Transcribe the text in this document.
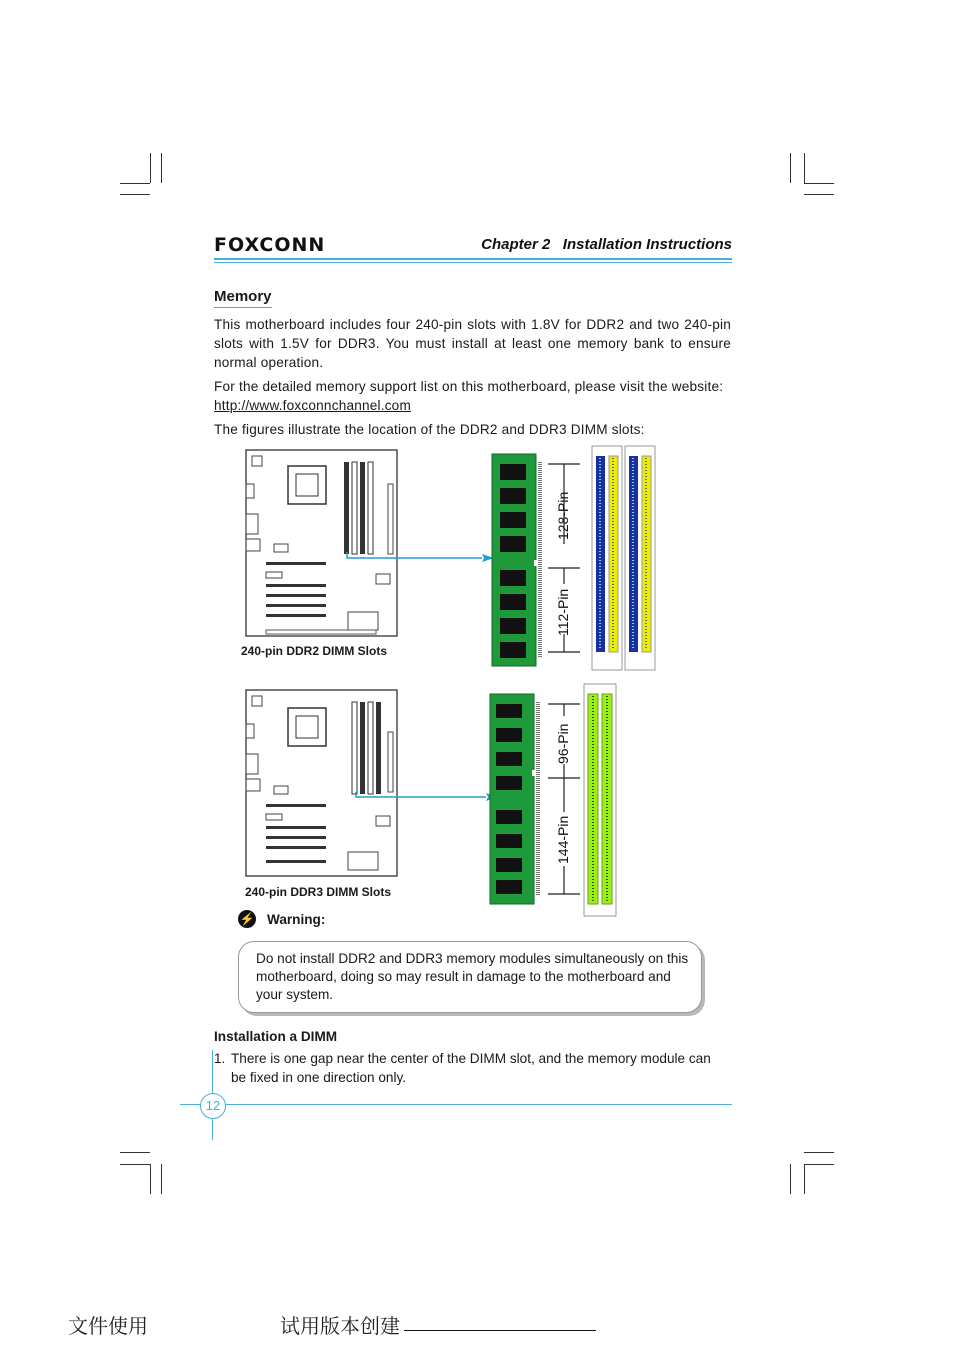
FOXCONN	Chapter 2   Installation Instructions
Memory
This motherboard includes four 240-pin slots with 1.8V for DDR2 and two 240-pin slots with 1.5V for DDR3. You must install at least one memory bank to ensure normal operation.
For the detailed memory support list on this motherboard, please visit the website: http://www.foxconnchannel.com
The figures illustrate the location of the DDR2 and DDR3 DIMM slots:
128-Pin
112-Pin
240-pin DDR2 DIMM Slots
96-Pin
144-Pin
240-pin DDR3 DIMM Slots
⚡ Warning:
Do not install DDR2 and DDR3 memory modules simultaneously on this motherboard, doing so may result in damage to the motherboard and your system.
Installation a DIMM
1. There is one gap near the center of the DIMM slot, and the memory module can be fixed in one direction only.
12
文件使用	试用版本创建
